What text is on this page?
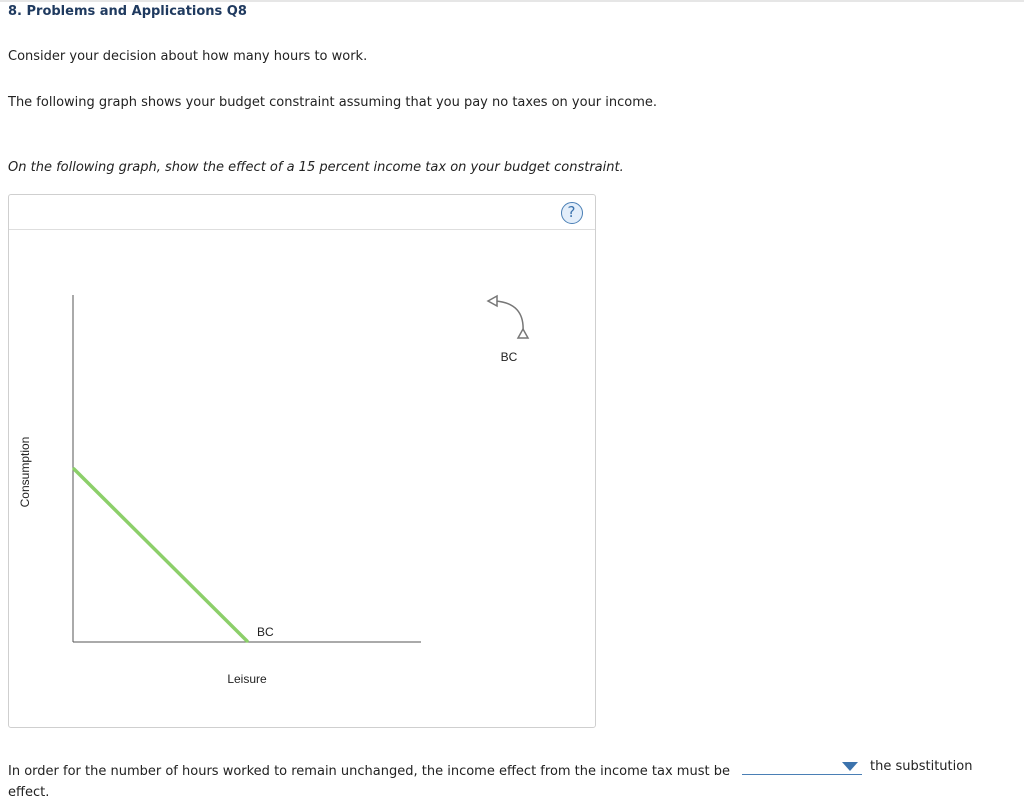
8. Problems and Applications Q8
Consider your decision about how many hours to work.
The following graph shows your budget constraint assuming that you pay no taxes on your income.
On the following graph, show the effect of a 15 percent income tax on your budget constraint.
?
BC
Leisure
Consumption
BC
In order for the number of hours worked to remain unchanged, the income effect from the income tax must be	the substitution
effect.
